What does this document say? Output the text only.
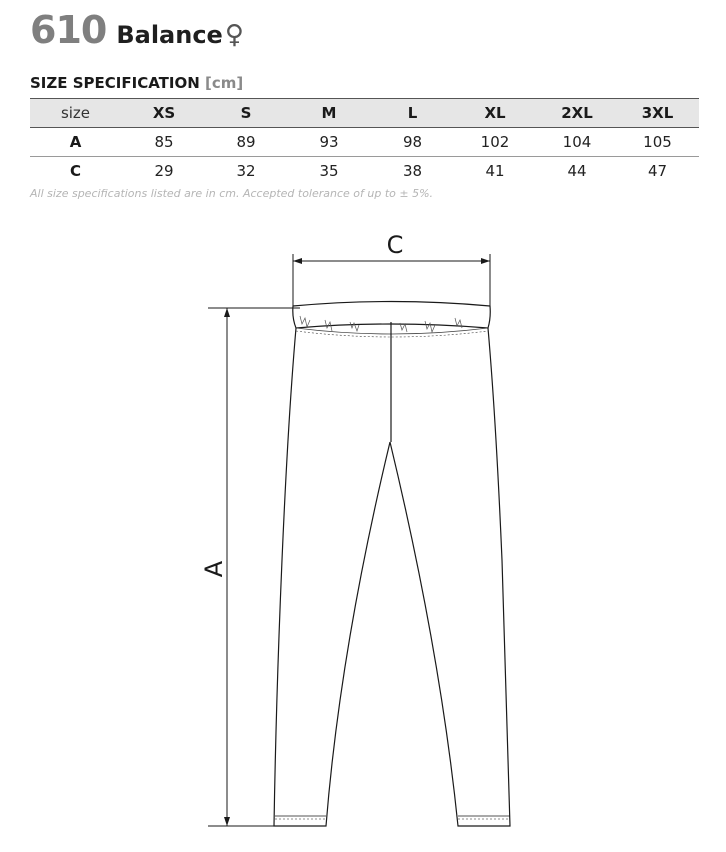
610 Balance ♀
SIZE SPECIFICATION [cm]
size	XS	S	M	L	XL	2XL	3XL
A	85	89	93	98	102	104	105
C	29	32	35	38	41	44	47
All size specifications listed are in cm. Accepted tolerance of up to ± 5%.
C
A
